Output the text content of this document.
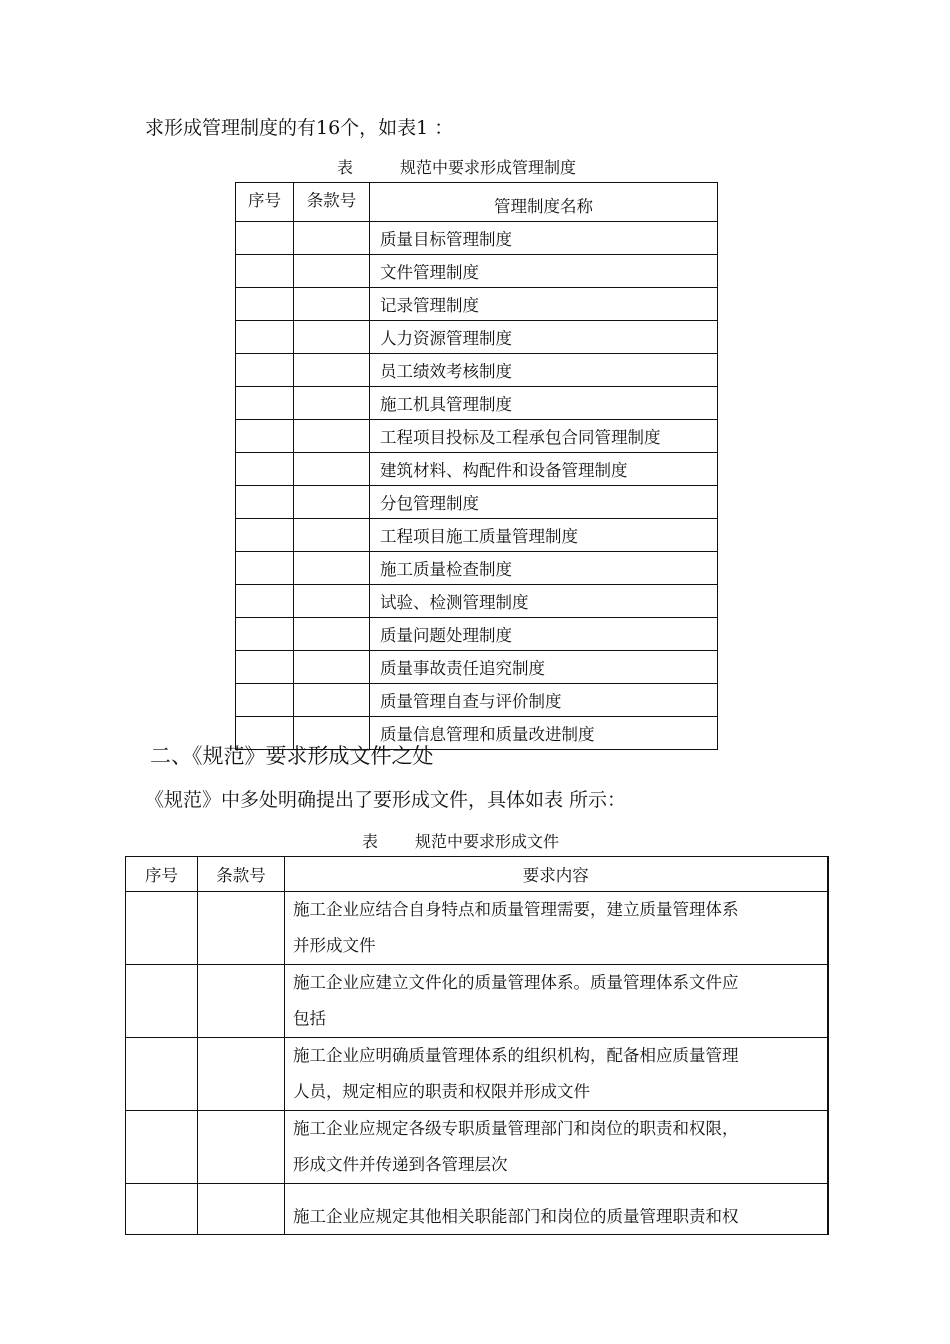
求形成管理制度的有16个，如表1 ：
表	规范中要求形成管理制度
序号	条款号	管理制度名称
		质量目标管理制度
		文件管理制度
		记录管理制度
		人力资源管理制度
		员工绩效考核制度
		施工机具管理制度
		工程项目投标及工程承包合同管理制度
		建筑材料、构配件和设备管理制度
		分包管理制度
		工程项目施工质量管理制度
		施工质量检查制度
		试验、检测管理制度
		质量问题处理制度
		质量事故责任追究制度
		质量管理自查与评价制度
		质量信息管理和质量改进制度
二、《规范》要求形成文件之处
《规范》中多处明确提出了要形成文件，具体如表 所示：
表 规范中要求形成文件
序号	条款号	要求内容

		施工企业应结合自身特点和质量管理需要，建立质量管理体系
并形成文件

		施工企业应建立文件化的质量管理体系。质量管理体系文件应
包括

		施工企业应明确质量管理体系的组织机构，配备相应质量管理
人员，规定相应的职责和权限并形成文件

		施工企业应规定各级专职质量管理部门和岗位的职责和权限，
形成文件并传递到各管理层次

		施工企业应规定其他相关职能部门和岗位的质量管理职责和权
